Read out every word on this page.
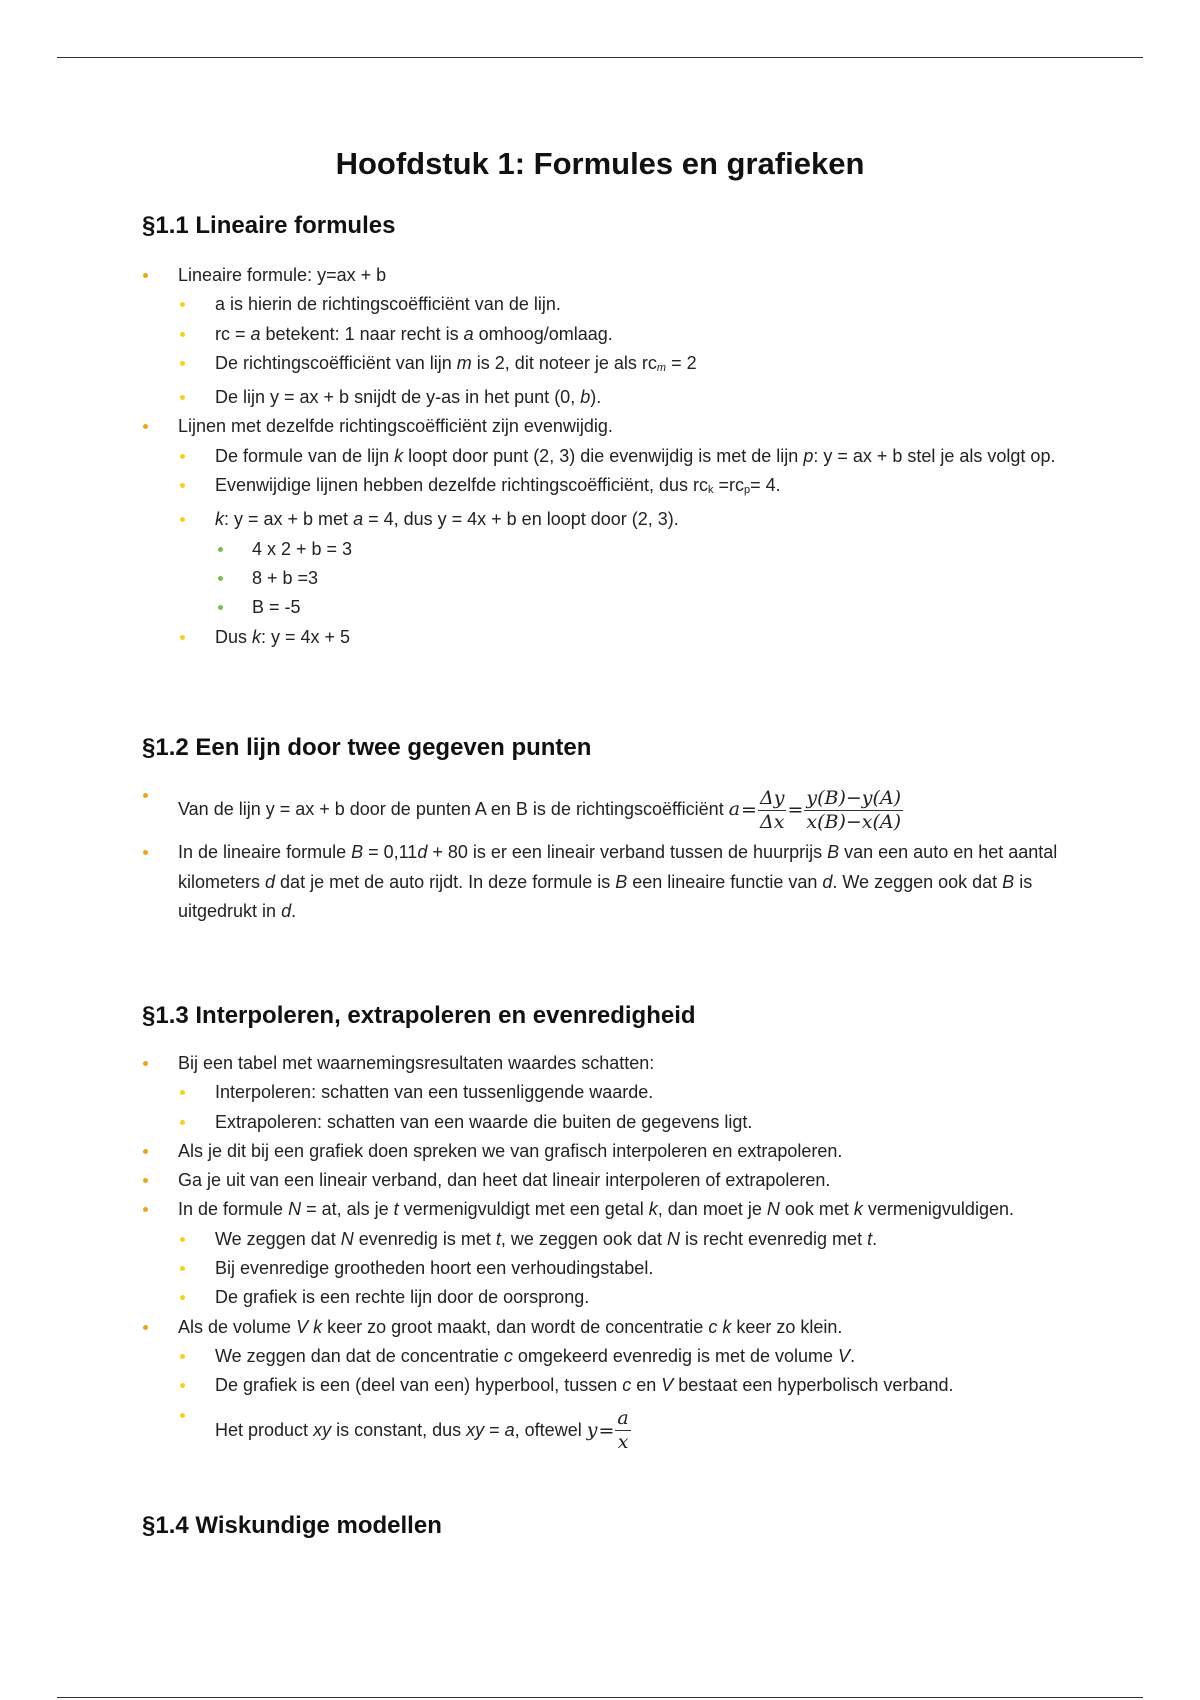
Hoofdstuk 1: Formules en grafieken
§1.1 Lineaire formules
Lineaire formule: y=ax + b
a is hierin de richtingscoëfficiënt van de lijn.
rc = a betekent: 1 naar recht is a omhoog/omlaag.
De richtingscoëfficiënt van lijn m is 2, dit noteer je als $rc_m = 2$
De lijn y = ax + b snijdt de y-as in het punt (0, b).
Lijnen met dezelfde richtingscoëfficiënt zijn evenwijdig.
De formule van de lijn k loopt door punt (2, 3) die evenwijdig is met de lijn p: y = ax + b stel je als volgt op.
Evenwijdige lijnen hebben dezelfde richtingscoëfficiënt, dus $rc_k =rc_p= 4$.
k: y = ax + b met a = 4, dus y = 4x + b en loopt door (2, 3).
4 x 2 + b = 3
8 + b =3
B = -5
Dus k: y = 4x + 5
§1.2 Een lijn door twee gegeven punten
Van de lijn y = ax + b door de punten A en B is de richtingscoëfficiënt $a= \frac{\Delta y}{\Delta x} = \frac{y(B)-y(A)}{x(B)-x(A)}$
In de lineaire formule B = 0,11d + 80 is er een lineair verband tussen de huurprijs B van een auto en het aantal kilometers d dat je met de auto rijdt. In deze formule is B een lineaire functie van d. We zeggen ook dat B is uitgedrukt in d.
§1.3 Interpoleren, extrapoleren en evenredigheid
Bij een tabel met waarnemingsresultaten waardes schatten:
Interpoleren: schatten van een tussenliggende waarde.
Extrapoleren: schatten van een waarde die buiten de gegevens ligt.
Als je dit bij een grafiek doen spreken we van grafisch interpoleren en extrapoleren.
Ga je uit van een lineair verband, dan heet dat lineair interpoleren of extrapoleren.
In de formule N = at, als je t vermenigvuldigt met een getal k, dan moet je N ook met k vermenigvuldigen.
We zeggen dat N evenredig is met t, we zeggen ook dat N is recht evenredig met t.
Bij evenredige grootheden hoort een verhoudingstabel.
De grafiek is een rechte lijn door de oorsprong.
Als de volume V k keer zo groot maakt, dan wordt de concentratie c k keer zo klein.
We zeggen dan dat de concentratie c omgekeerd evenredig is met de volume V.
De grafiek is een (deel van een) hyperbool, tussen c en V bestaat een hyperbolisch verband.
Het product xy is constant, dus xy = a, oftewel $y= \frac{a}{x}$
§1.4 Wiskundige modellen
